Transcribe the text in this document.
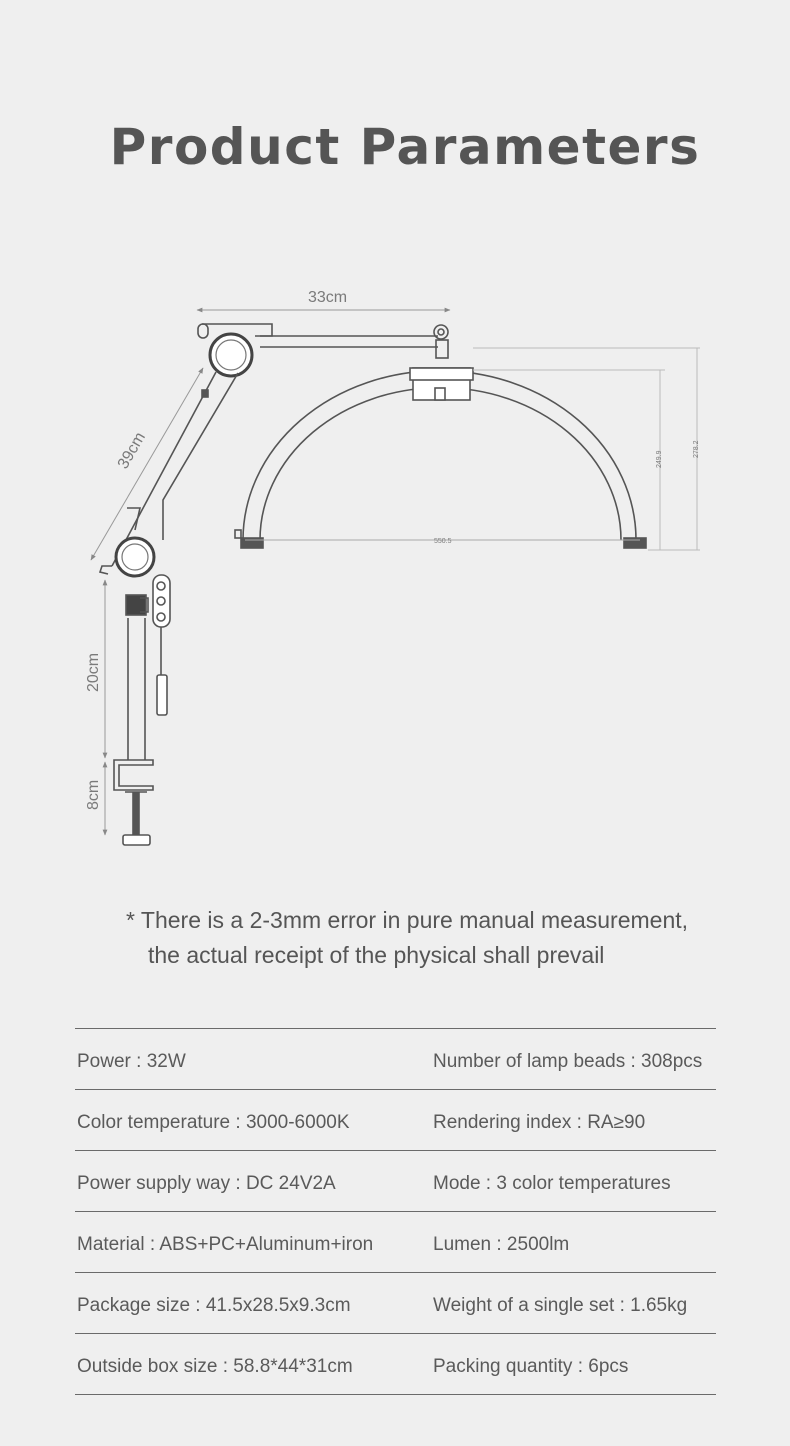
Product Parameters
33cm
39cm
20cm
8cm
550.5
249.9
278.2
* There is a 2-3mm error in pure manual measurement,
the actual receipt of the physical shall prevail
Power : 32W	Number of lamp beads : 308pcs
Color temperature : 3000-6000K	Rendering index : RA≥90
Power supply way : DC 24V2A	Mode : 3 color temperatures
Material : ABS+PC+Aluminum+iron	Lumen : 2500lm
Package size : 41.5x28.5x9.3cm	Weight of a single set : 1.65kg
Outside box size : 58.8*44*31cm	Packing quantity : 6pcs
